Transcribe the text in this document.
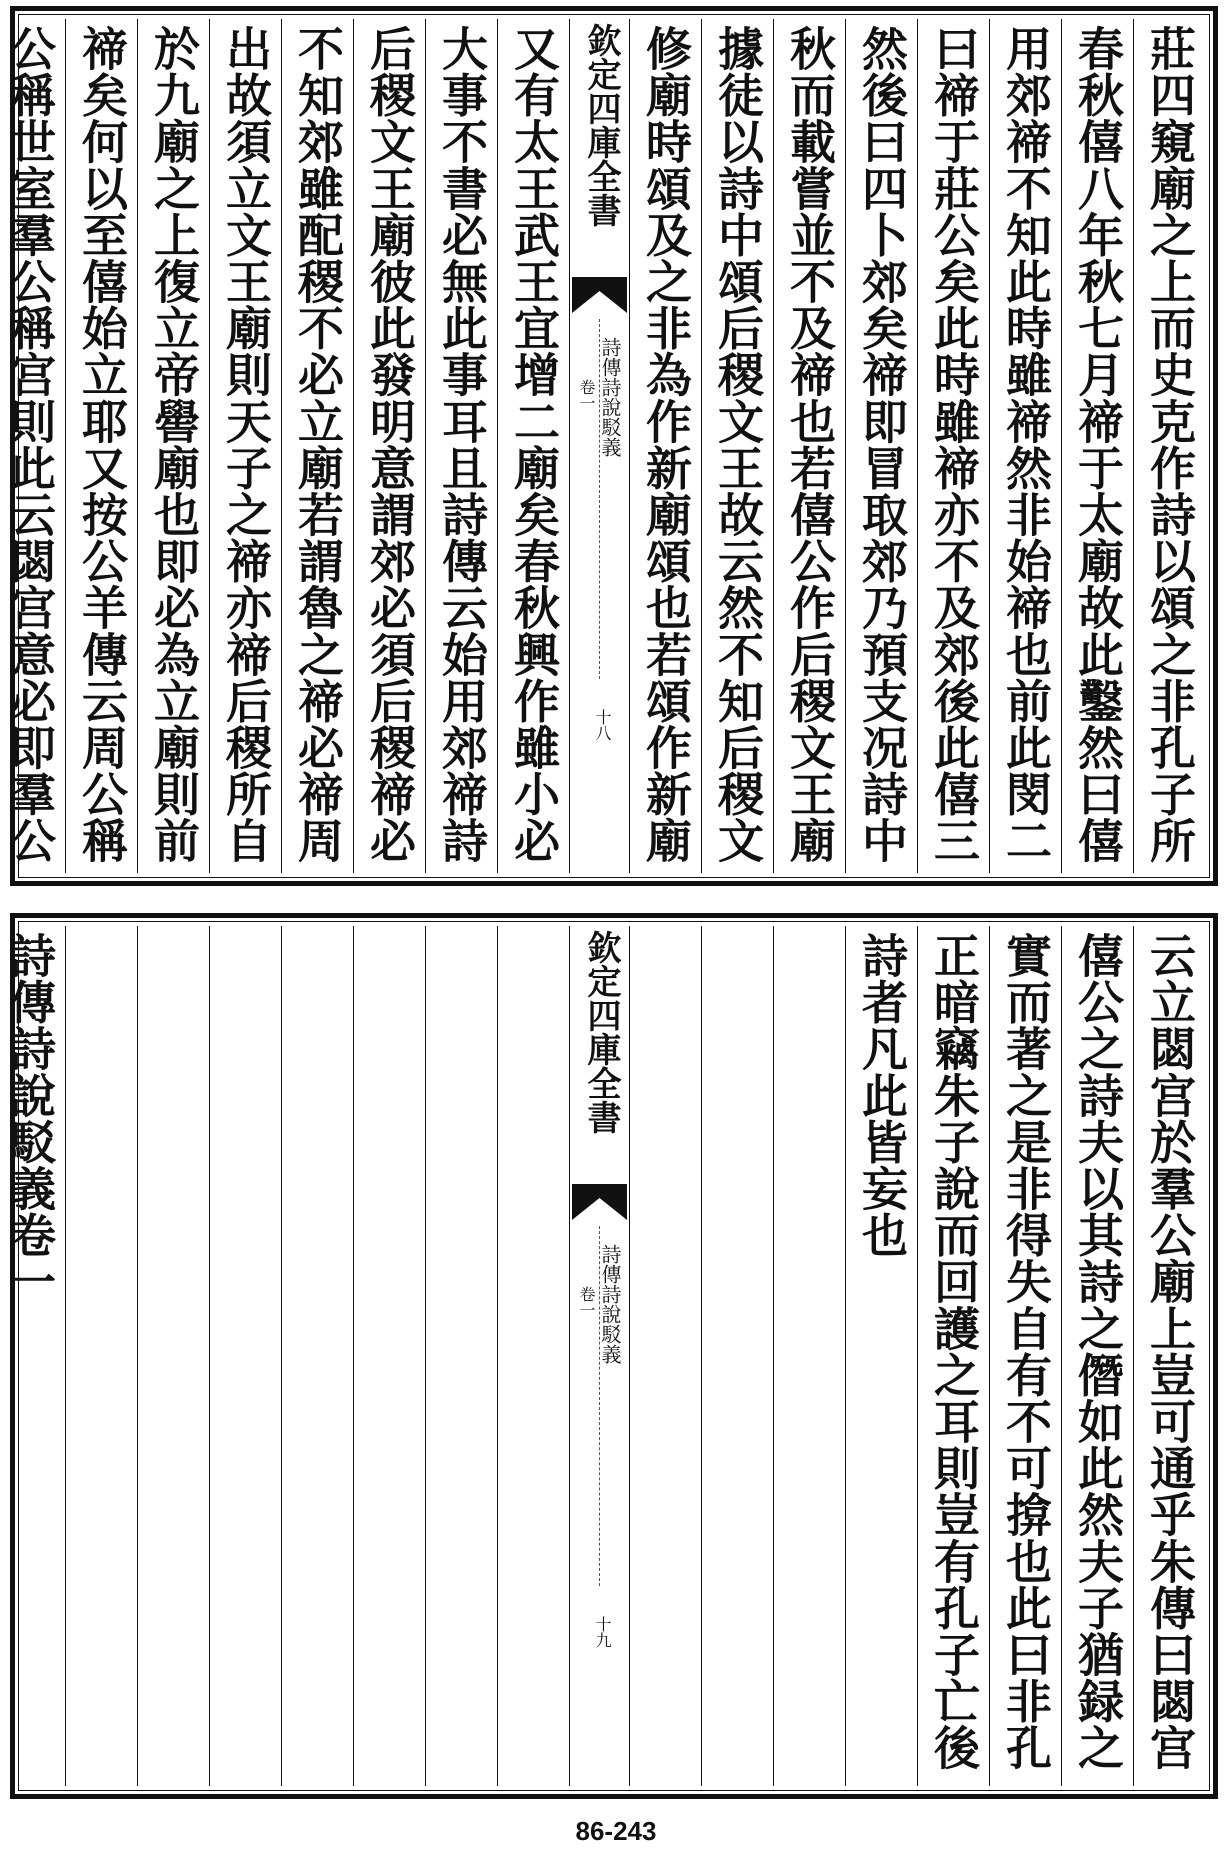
莊四窺廟之上而史克作詩以頌之非孔子所
春秋僖八年秋七月禘于太廟故此鑿然曰僖
用郊禘不知此時雖禘然非始禘也前此閔二
曰禘于莊公矣此時雖禘亦不及郊後此僖三
然後曰四卜郊矣禘即冒取郊乃預支况詩中
秋而載嘗並不及禘也若僖公作后稷文王廟
據徒以詩中頌后稷文王故云然不知后稷文
修廟時頌及之非為作新廟頌也若頌作新廟
欽定四庫全書
詩傳詩說駁義
卷一
十八
又有太王武王宜增二廟矣春秋興作雖小必
大事不書必無此事耳且詩傳云始用郊禘詩
后稷文王廟彼此發明意謂郊必須后稷禘必
不知郊雖配稷不必立廟若謂魯之禘必禘周
出故須立文王廟則天子之禘亦禘后稷所自
於九廟之上復立帝嚳廟也即必為立廟則前
禘矣何以至僖始立耶又按公羊傳云周公稱
公稱世室羣公稱宫則此云閟宫意必即羣公
云立閟宫於羣公廟上豈可通乎朱傳曰閟宫
僖公之詩夫以其詩之僭如此然夫子猶録之
實而著之是非得失自有不可揜也此曰非孔
正暗竊朱子說而回護之耳則豈有孔子亡後
詩者凡此皆妄也
欽定四庫全書
詩傳詩說駁義
卷一
十九
詩傳詩說駁義卷一
86-243
